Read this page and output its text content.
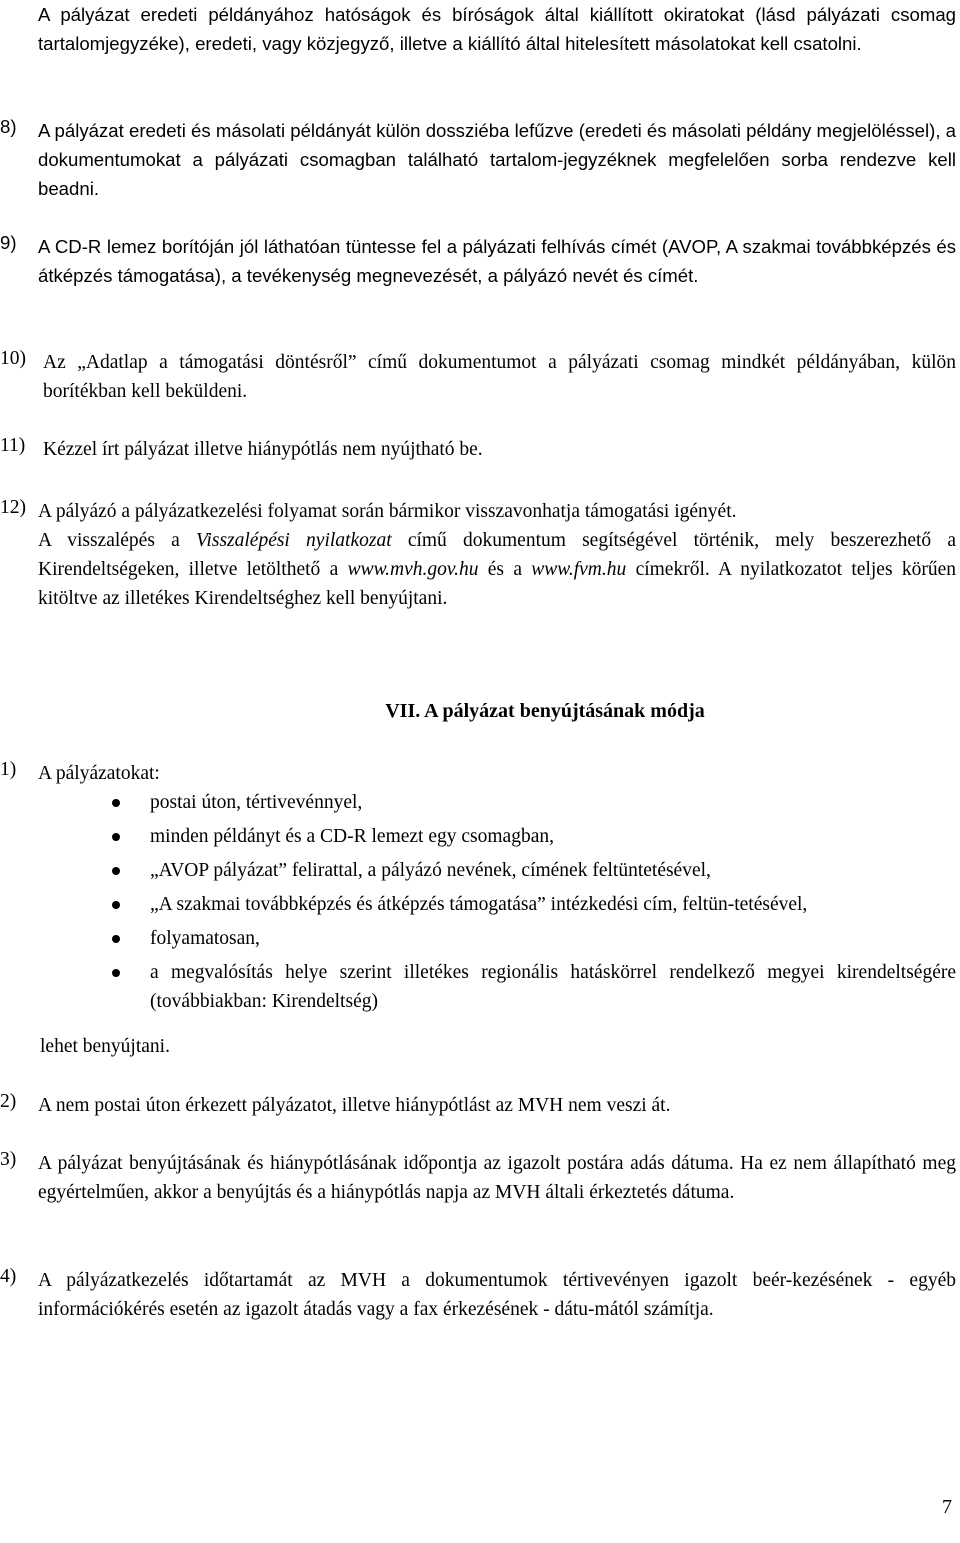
A pályázat eredeti példányához hatóságok és bíróságok által kiállított okiratokat (lásd pályázati csomag tartalomjegyzéke), eredeti, vagy közjegyző, illetve a kiállító által hitelesített másolatokat kell csatolni.

8) A pályázat eredeti és másolati példányát külön dossziéba lefűzve (eredeti és másolati példány megjelöléssel), a dokumentumokat a pályázati csomagban található tartalom-jegyzéknek megfelelően sorba rendezve kell beadni.
9) A CD-R lemez borítóján jól láthatóan tüntesse fel a pályázati felhívás címét (AVOP, A szakmai továbbképzés és átképzés támogatása), a tevékenység megnevezését, a pályázó nevét és címét.
10) Az „Adatlap a támogatási döntésről” című dokumentumot a pályázati csomag mindkét példányában, külön borítékban kell beküldeni.
11) Kézzel írt pályázat illetve hiánypótlás nem nyújtható be.
12) A pályázó a pályázatkezelési folyamat során bármikor visszavonhatja támogatási igényét.

A visszalépés a Visszalépési nyilatkozat című dokumentum segítségével történik, mely beszerezhető a Kirendeltségeken, illetve letölthető a www.mvh.gov.hu és a www.fvm.hu címekről. A nyilatkozatot teljes körűen kitöltve az illetékes Kirendeltséghez kell benyújtani.

VII. A pályázat benyújtásának módja
1) A pályázatokat:
postai úton, tértivevénnyel,
minden példányt és a CD-R lemezt egy csomagban,
„AVOP pályázat” felirattal, a pályázó nevének, címének feltüntetésével,
„A szakmai továbbképzés és átképzés támogatása” intézkedési cím, feltün-tetésével,
folyamatosan,
a megvalósítás helye szerint illetékes regionális hatáskörrel rendelkező megyei kirendeltségére (továbbiakban: Kirendeltség)
lehet benyújtani.
2) A nem postai úton érkezett pályázatot, illetve hiánypótlást az MVH nem veszi át.
3) A pályázat benyújtásának és hiánypótlásának időpontja az igazolt postára adás dátuma. Ha ez nem állapítható meg egyértelműen, akkor a benyújtás és a hiánypótlás napja az MVH általi érkeztetés dátuma.
4) A pályázatkezelés időtartamát az MVH a dokumentumok tértivevényen igazolt beér-kezésének - egyéb információkérés esetén az igazolt átadás vagy a fax érkezésének - dátu-mától számítja.
7
